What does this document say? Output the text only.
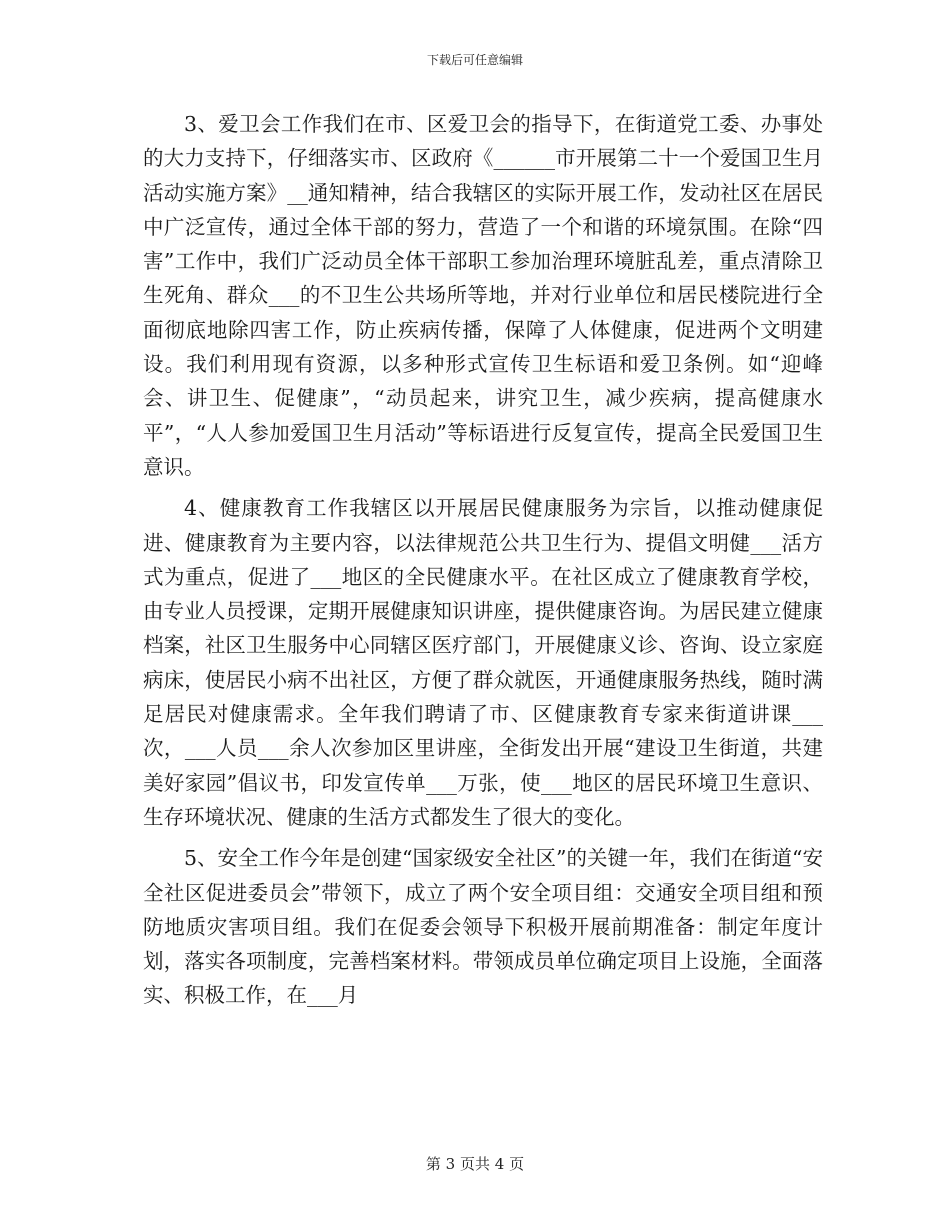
下载后可任意编辑

3、爱卫会工作我们在市、区爱卫会的指导下，在街道党工委、办事处的大力支持下，仔细落实市、区政府《______市开展第二十一个爱国卫生月活动实施方案》__通知精神，结合我辖区的实际开展工作，发动社区在居民中广泛宣传，通过全体干部的努力，营造了一个和谐的环境氛围。在除“四害”工作中，我们广泛动员全体干部职工参加治理环境脏乱差，重点清除卫生死角、群众___的不卫生公共场所等地，并对行业单位和居民楼院进行全面彻底地除四害工作，防止疾病传播，保障了人体健康，促进两个文明建设。我们利用现有资源，以多种形式宣传卫生标语和爱卫条例。如“迎峰会、讲卫生、促健康”，“动员起来，讲究卫生，减少疾病，提高健康水平”，“人人参加爱国卫生月活动”等标语进行反复宣传，提高全民爱国卫生意识。

4、健康教育工作我辖区以开展居民健康服务为宗旨，以推动健康促进、健康教育为主要内容，以法律规范公共卫生行为、提倡文明健___活方式为重点，促进了___地区的全民健康水平。在社区成立了健康教育学校，由专业人员授课，定期开展健康知识讲座，提供健康咨询。为居民建立健康档案，社区卫生服务中心同辖区医疗部门，开展健康义诊、咨询、设立家庭病床，使居民小病不出社区，方便了群众就医，开通健康服务热线，随时满足居民对健康需求。全年我们聘请了市、区健康教育专家来街道讲课___次，___人员___余人次参加区里讲座，全街发出开展“建设卫生街道，共建美好家园”倡议书，印发宣传单___万张，使___地区的居民环境卫生意识、生存环境状况、健康的生活方式都发生了很大的变化。

5、安全工作今年是创建“国家级安全社区”的关键一年，我们在街道“安全社区促进委员会”带领下，成立了两个安全项目组：交通安全项目组和预防地质灾害项目组。我们在促委会领导下积极开展前期准备：制定年度计划，落实各项制度，完善档案材料。带领成员单位确定项目上设施，全面落实、积极工作，在___月

第 3 页共 4 页
